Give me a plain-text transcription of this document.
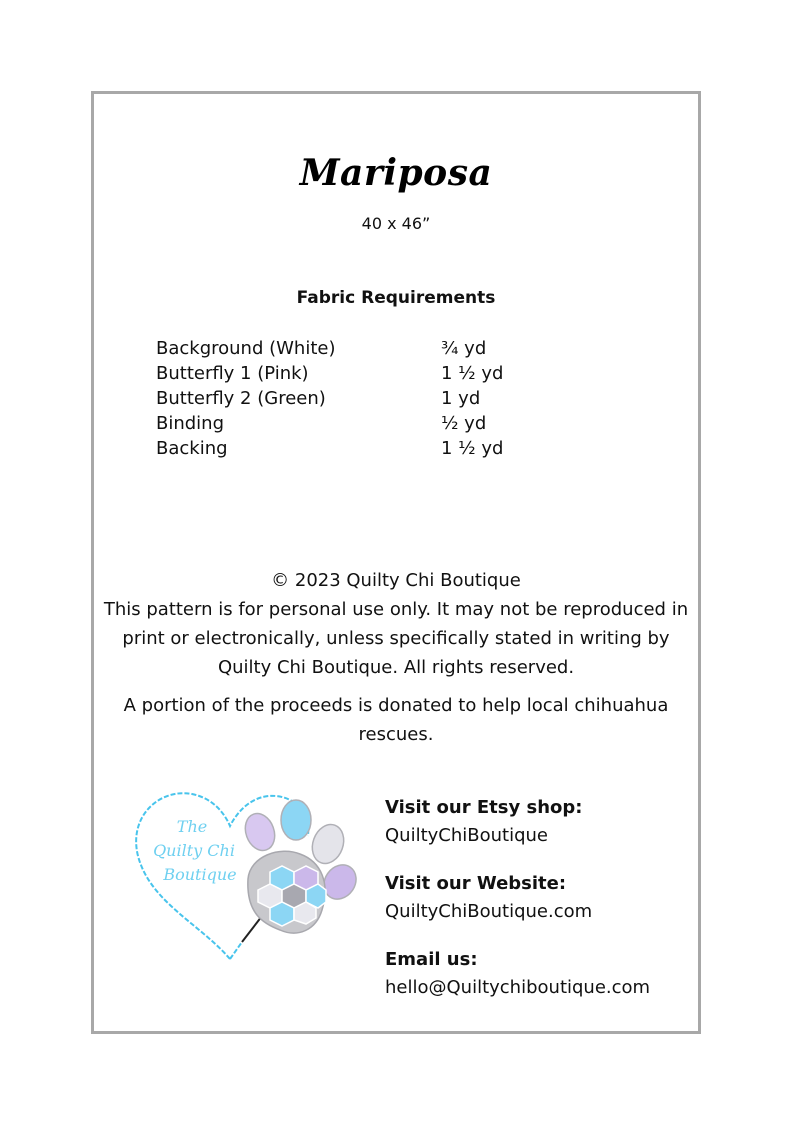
Mariposa
40 x 46”
Fabric Requirements
Background (White)	¾ yd
Butterfly 1 (Pink)	1 ½ yd
Butterfly 2 (Green)	1 yd
Binding	½ yd
Backing	1 ½ yd
© 2023 Quilty Chi Boutique
This pattern is for personal use only. It may not be reproduced in
print or electronically, unless specifically stated in writing by
Quilty Chi Boutique. All rights reserved.
A portion of the proceeds is donated to help local chihuahua
rescues.
The
Quilty Chi
Boutique
Visit our Etsy shop:
QuiltyChiBoutique
Visit our Website:
QuiltyChiBoutique.com
Email us:
hello@Quiltychiboutique.com
